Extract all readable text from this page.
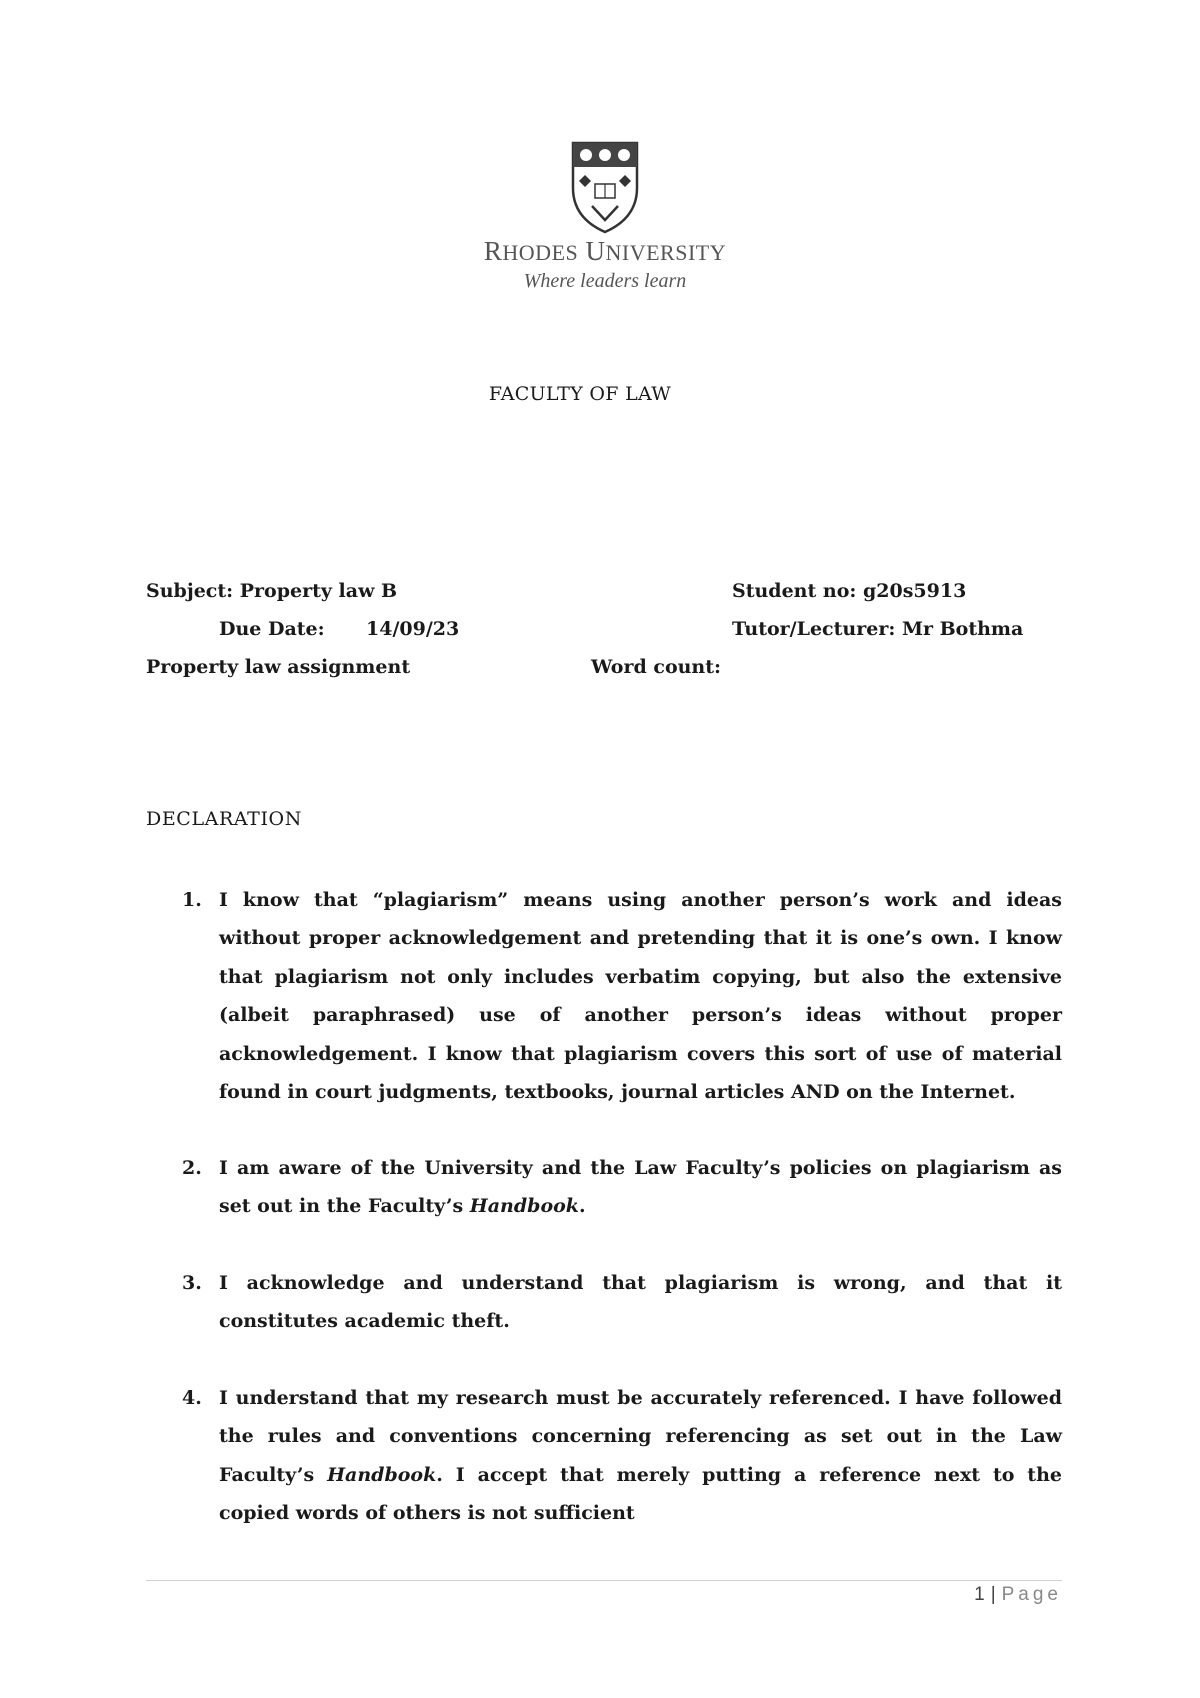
RHODES UNIVERSITY
Where leaders learn
FACULTY OF LAW
Subject: Property law B	Student no: g20s5913
Due Date: 14/09/23	Tutor/Lecturer: Mr Bothma
Property law assignment	Word count:
DECLARATION
1. I know that “plagiarism” means using another person’s work and ideas without proper acknowledgement and pretending that it is one’s own. I know that plagiarism not only includes verbatim copying, but also the extensive (albeit paraphrased) use of another person’s ideas without proper acknowledgement. I know that plagiarism covers this sort of use of material found in court judgments, textbooks, journal articles AND on the Internet.
2. I am aware of the University and the Law Faculty’s policies on plagiarism as set out in the Faculty’s Handbook.
3. I acknowledge and understand that plagiarism is wrong, and that it constitutes academic theft.
4. I understand that my research must be accurately referenced. I have followed the rules and conventions concerning referencing as set out in the Law Faculty’s Handbook. I accept that merely putting a reference next to the copied words of others is not sufficient
1 | Page
